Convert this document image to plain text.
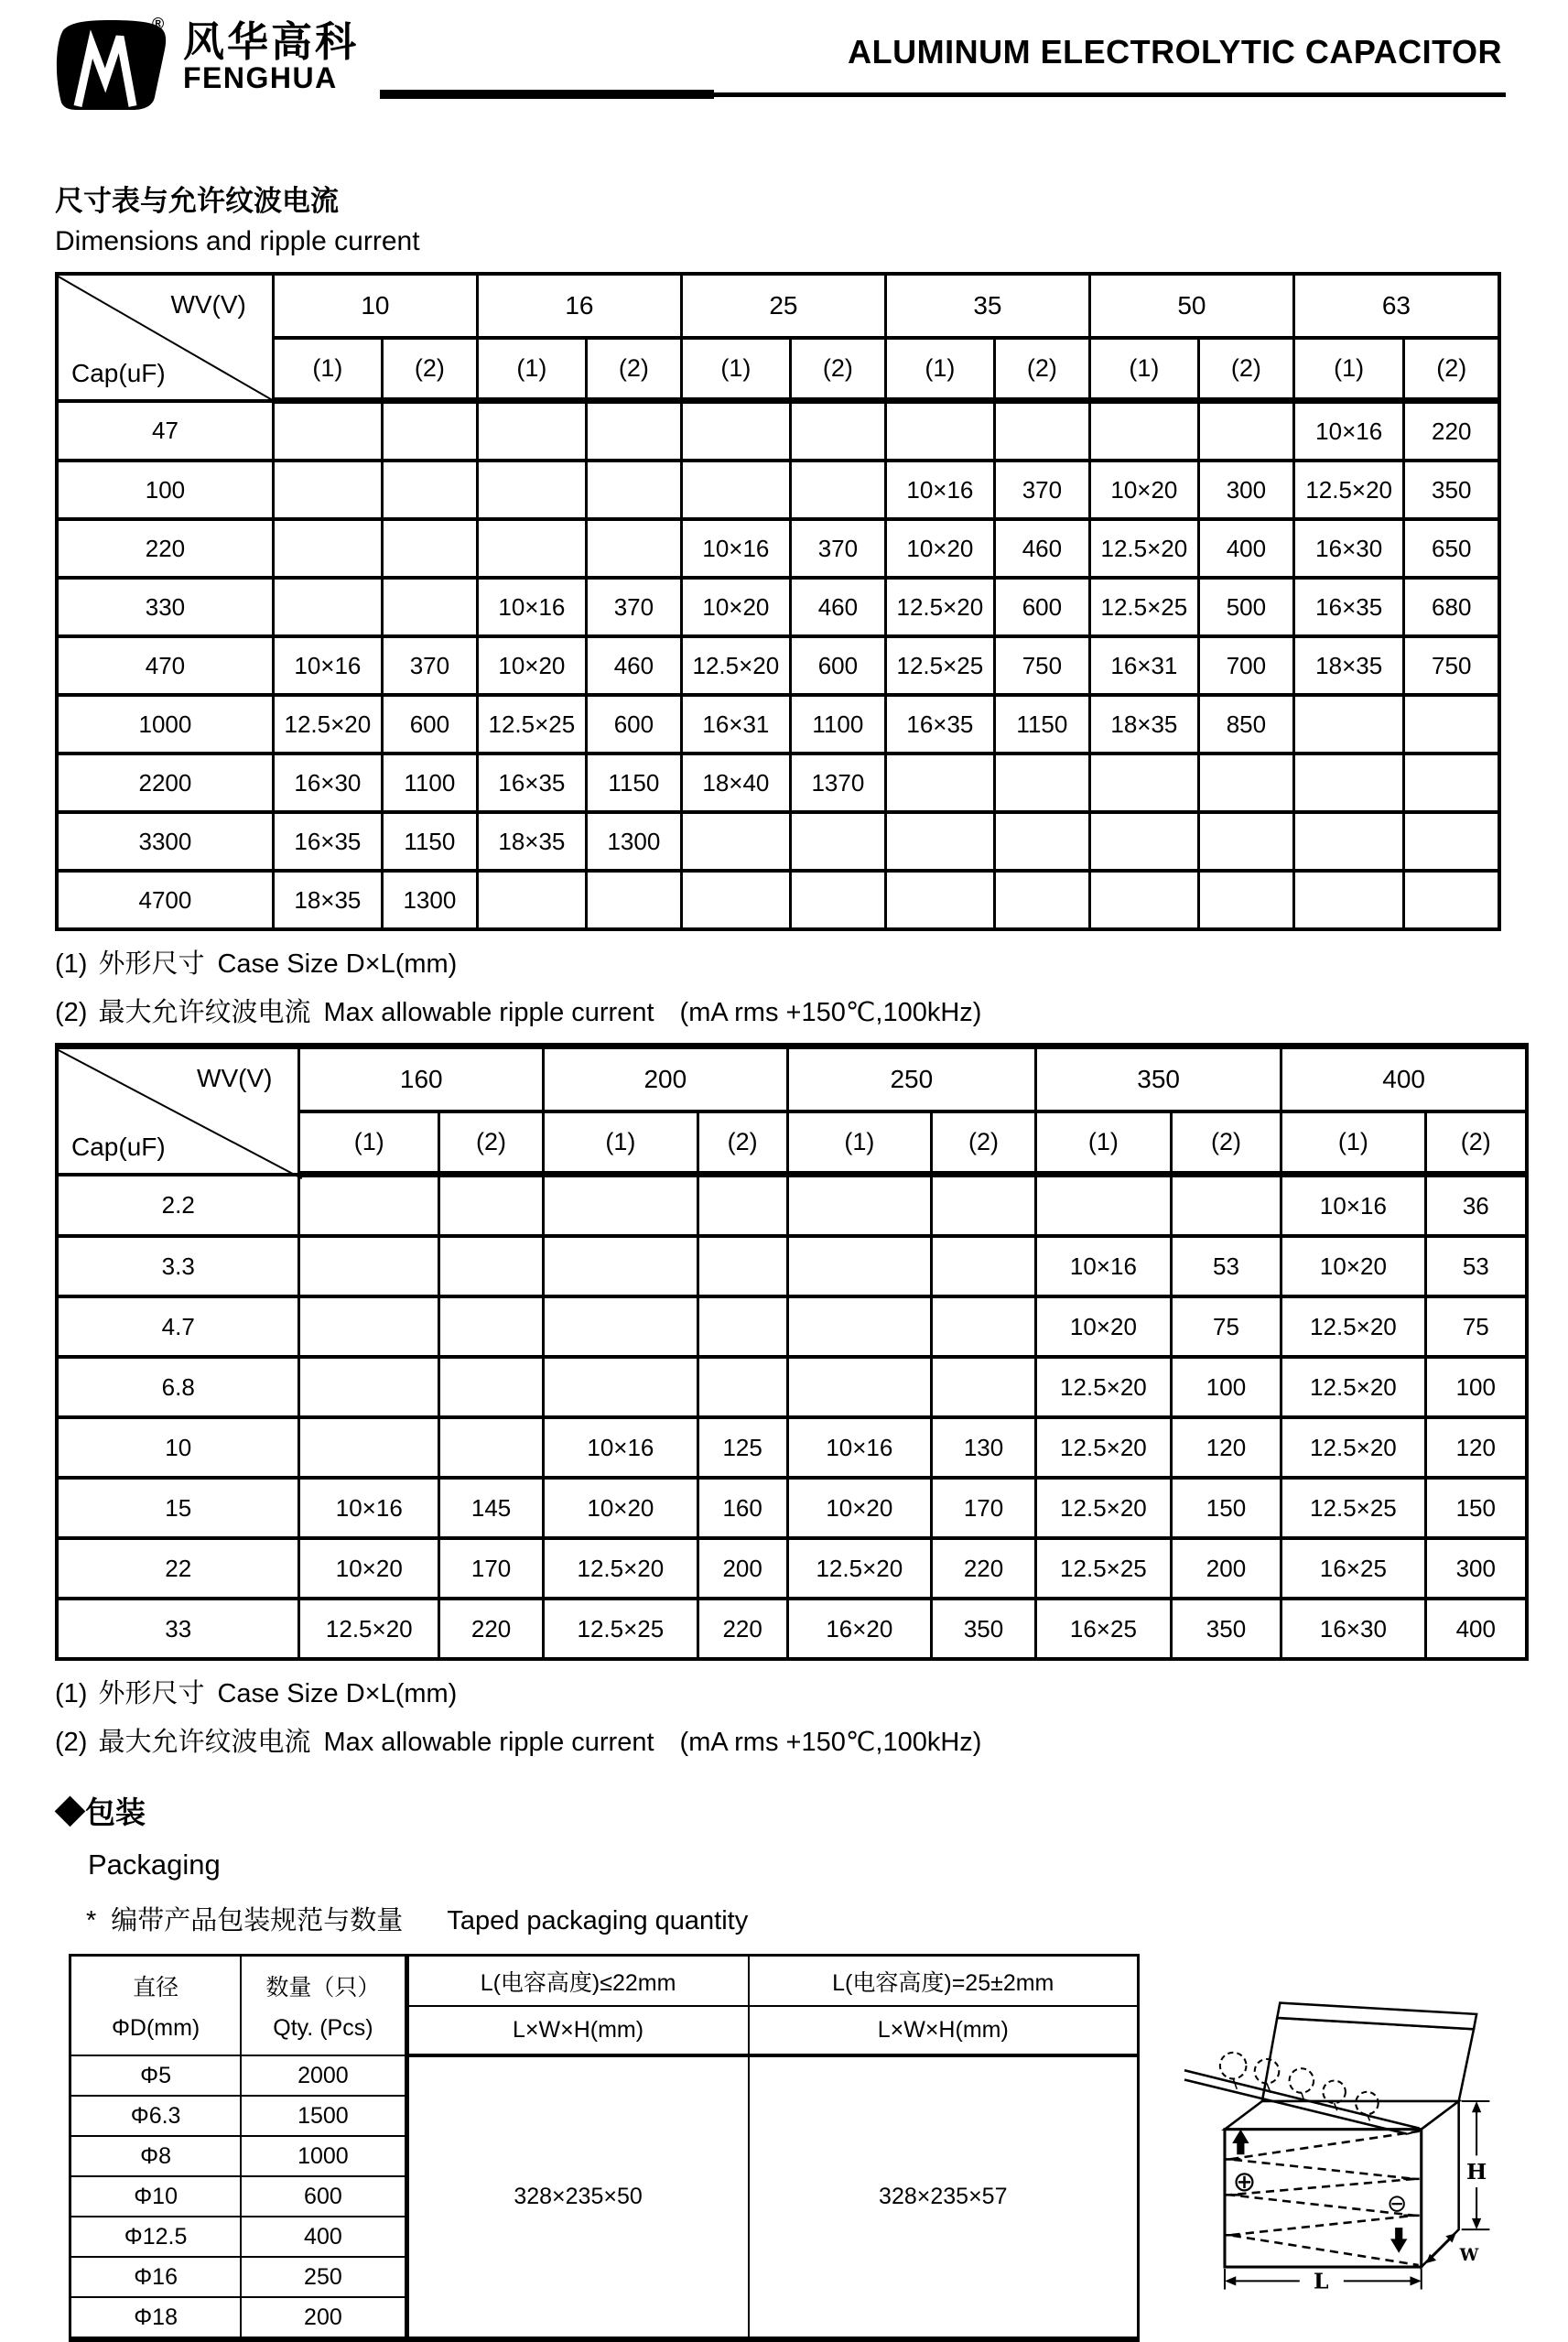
® 风华高科
FENGHUA
ALUMINUM ELECTROLYTIC CAPACITOR
尺寸表与允许纹波电流
Dimensions and ripple current
WV(V)
Cap(uF)	10		16		25		35		50		63	
	(1)	(2)	(1)	(2)	(1)	(2)	(1)	(2)	(1)	(2)	(1)	(2)
47											10×16	220
100							10×16	370	10×20	300	12.5×20	350
220					10×16	370	10×20	460	12.5×20	400	16×30	650
330			10×16	370	10×20	460	12.5×20	600	12.5×25	500	16×35	680
470	10×16	370	10×20	460	12.5×20	600	12.5×25	750	16×31	700	18×35	750
1000	12.5×20	600	12.5×25	600	16×31	1100	16×35	1150	18×35	850		
2200	16×30	1100	16×35	1150	18×40	1370						
3300	16×35	1150	18×35	1300								
4700	18×35	1300										
(1) 外形尺寸 Case Size D×L(mm)
(2) 最大允许纹波电流 Max allowable ripple current (mA rms +150℃,100kHz)
WV(V)
Cap(uF)	160		200		250		350		400	
	(1)	(2)	(1)	(2)	(1)	(2)	(1)	(2)	(1)	(2)
2.2									10×16	36
3.3							10×16	53	10×20	53
4.7							10×20	75	12.5×20	75
6.8							12.5×20	100	12.5×20	100
10			10×16	125	10×16	130	12.5×20	120	12.5×20	120
15	10×16	145	10×20	160	10×20	170	12.5×20	150	12.5×25	150
22	10×20	170	12.5×20	200	12.5×20	220	12.5×25	200	16×25	300
33	12.5×20	220	12.5×25	220	16×20	350	16×25	350	16×30	400
(1) 外形尺寸 Case Size D×L(mm)
(2) 最大允许纹波电流 Max allowable ripple current (mA rms +150℃,100kHz)
◆包装
Packaging
* 编带产品包装规范与数量 Taped packaging quantity
直径
ΦD(mm)	数量（只）
Qty. (Pcs)	L(电容高度)≤22mm	L(电容高度)=25±2mm
		L×W×H(mm)	L×W×H(mm)
Φ5	2000	328×235×50	328×235×57
Φ6.3	1500		
Φ8	1000		
Φ10	600		
Φ12.5	400		
Φ16	250		
Φ18	200		
⊕
⊖
H
W
L
